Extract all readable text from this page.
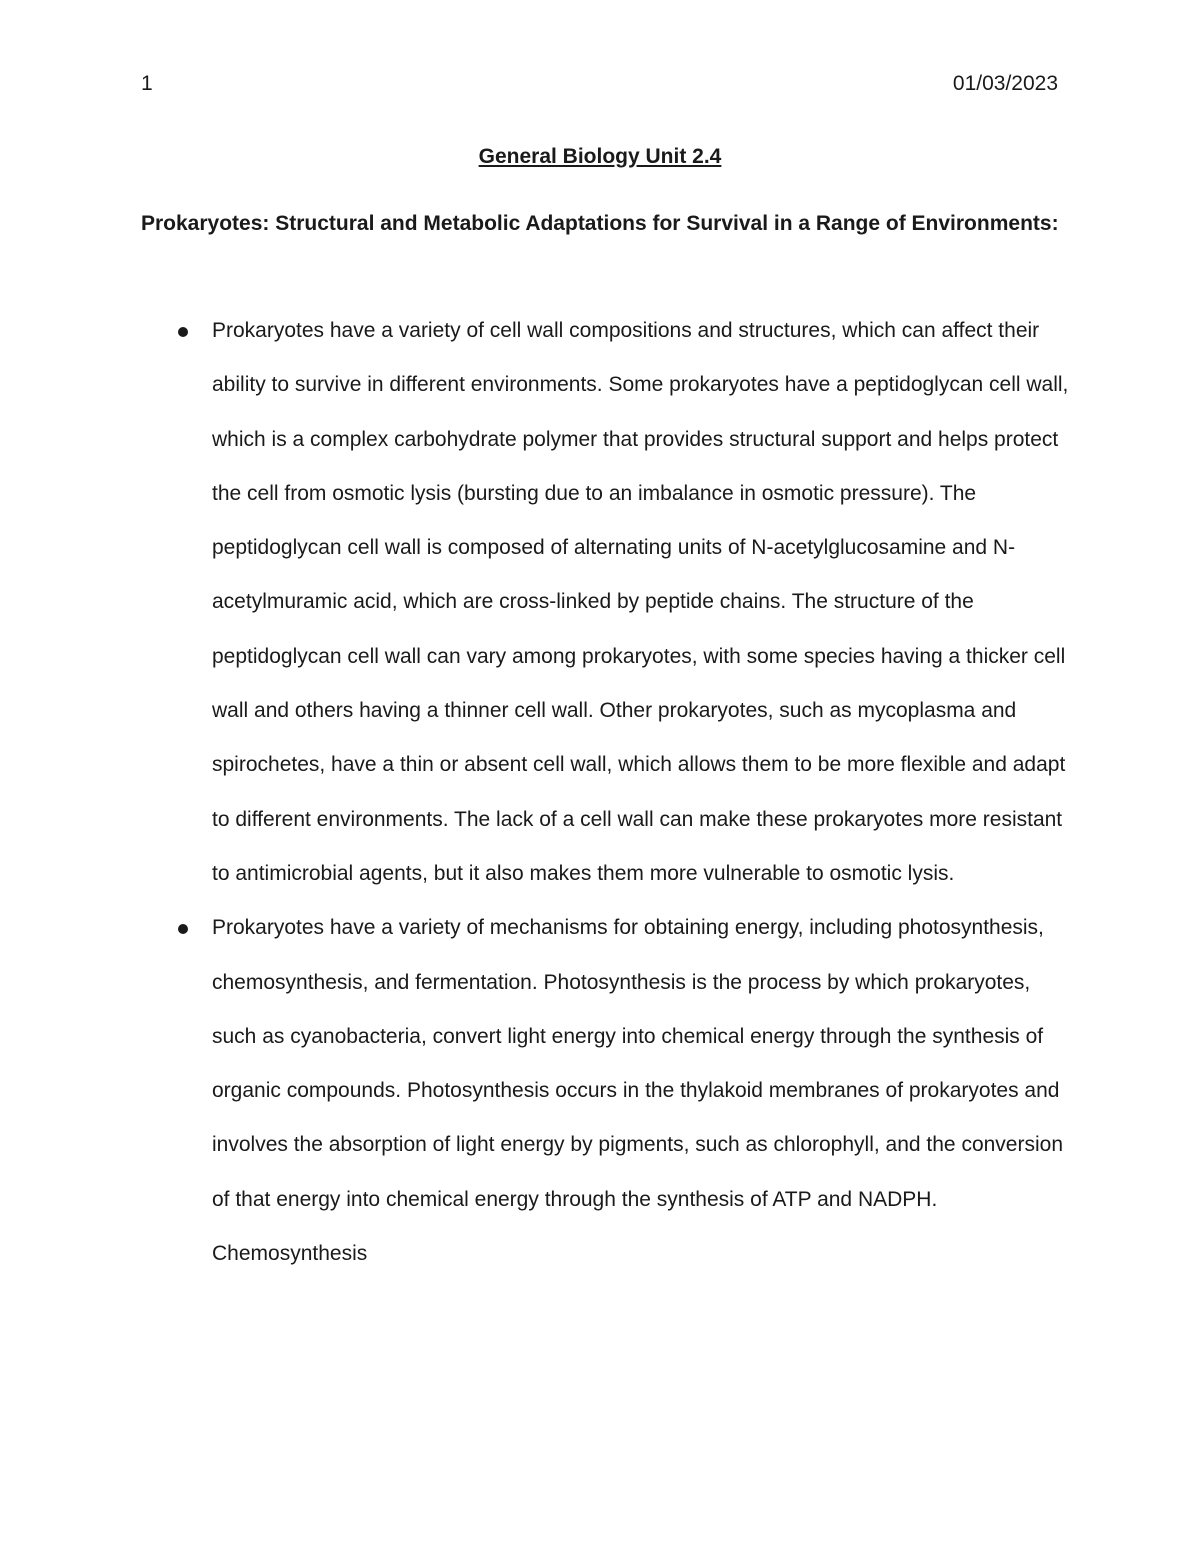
1	01/03/2023
General Biology Unit 2.4
Prokaryotes: Structural and Metabolic Adaptations for Survival in a Range of Environments:
Prokaryotes have a variety of cell wall compositions and structures, which can affect their ability to survive in different environments. Some prokaryotes have a peptidoglycan cell wall, which is a complex carbohydrate polymer that provides structural support and helps protect the cell from osmotic lysis (bursting due to an imbalance in osmotic pressure). The peptidoglycan cell wall is composed of alternating units of N-acetylglucosamine and N-acetylmuramic acid, which are cross-linked by peptide chains. The structure of the peptidoglycan cell wall can vary among prokaryotes, with some species having a thicker cell wall and others having a thinner cell wall. Other prokaryotes, such as mycoplasma and spirochetes, have a thin or absent cell wall, which allows them to be more flexible and adapt to different environments. The lack of a cell wall can make these prokaryotes more resistant to antimicrobial agents, but it also makes them more vulnerable to osmotic lysis.
Prokaryotes have a variety of mechanisms for obtaining energy, including photosynthesis, chemosynthesis, and fermentation. Photosynthesis is the process by which prokaryotes, such as cyanobacteria, convert light energy into chemical energy through the synthesis of organic compounds. Photosynthesis occurs in the thylakoid membranes of prokaryotes and involves the absorption of light energy by pigments, such as chlorophyll, and the conversion of that energy into chemical energy through the synthesis of ATP and NADPH. Chemosynthesis
